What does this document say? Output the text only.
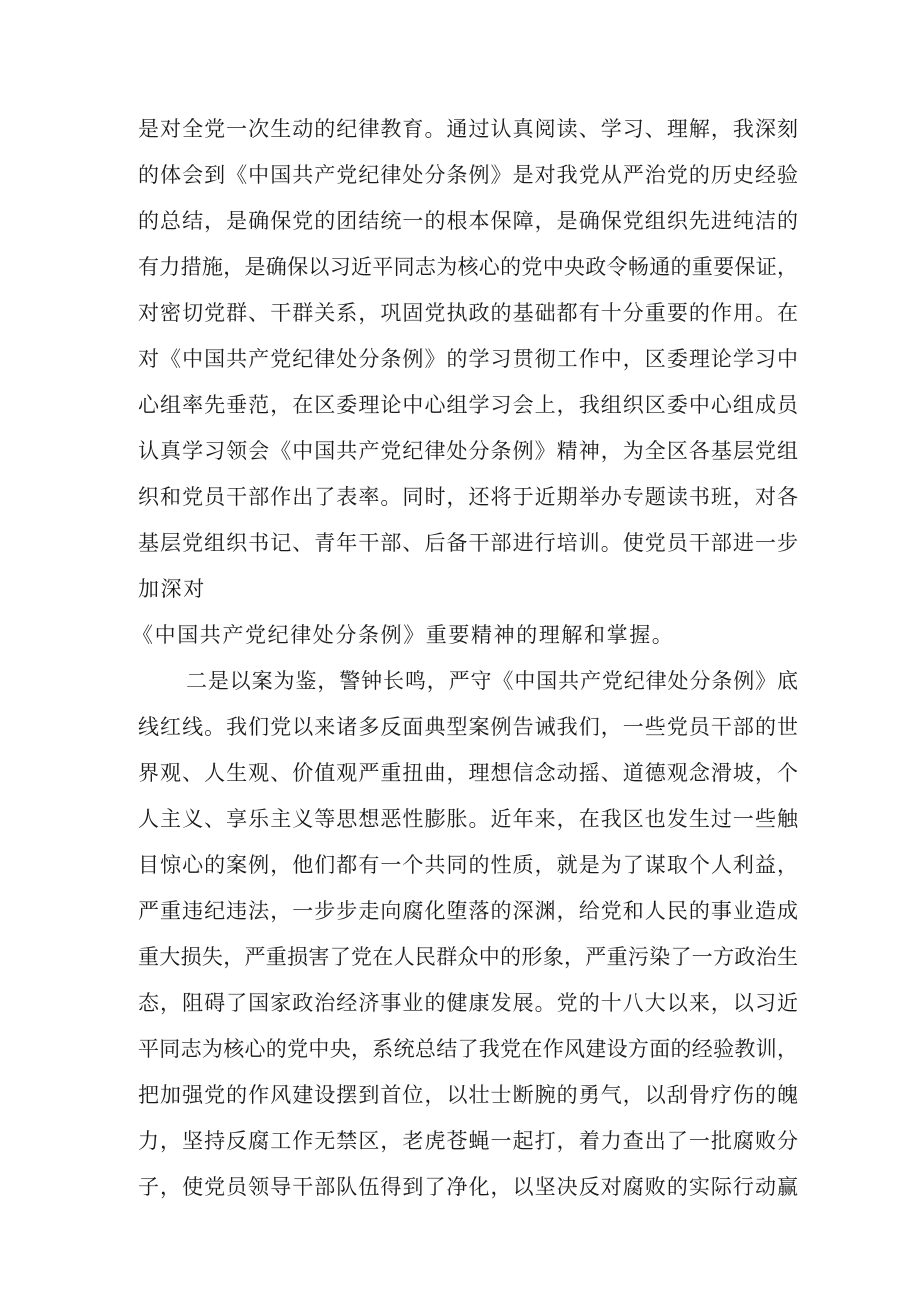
是对全党一次生动的纪律教育。通过认真阅读、学习、理解，我深刻
的体会到《中国共产党纪律处分条例》是对我党从严治党的历史经验
的总结，是确保党的团结统一的根本保障，是确保党组织先进纯洁的
有力措施，是确保以习近平同志为核心的党中央政令畅通的重要保证，
对密切党群、干群关系，巩固党执政的基础都有十分重要的作用。在
对《中国共产党纪律处分条例》的学习贯彻工作中，区委理论学习中
心组率先垂范，在区委理论中心组学习会上，我组织区委中心组成员
认真学习领会《中国共产党纪律处分条例》精神，为全区各基层党组
织和党员干部作出了表率。同时，还将于近期举办专题读书班，对各
基层党组织书记、青年干部、后备干部进行培训。使党员干部进一步
加深对
《中国共产党纪律处分条例》重要精神的理解和掌握。
二是以案为鉴，警钟长鸣，严守《中国共产党纪律处分条例》底
线红线。我们党以来诸多反面典型案例告诫我们，一些党员干部的世
界观、人生观、价值观严重扭曲，理想信念动摇、道德观念滑坡，个
人主义、享乐主义等思想恶性膨胀。近年来，在我区也发生过一些触
目惊心的案例，他们都有一个共同的性质，就是为了谋取个人利益，
严重违纪违法，一步步走向腐化堕落的深渊，给党和人民的事业造成
重大损失，严重损害了党在人民群众中的形象，严重污染了一方政治生
态，阻碍了国家政治经济事业的健康发展。党的十八大以来，以习近
平同志为核心的党中央，系统总结了我党在作风建设方面的经验教训，
把加强党的作风建设摆到首位，以壮士断腕的勇气，以刮骨疗伤的魄
力，坚持反腐工作无禁区，老虎苍蝇一起打，着力查出了一批腐败分
子，使党员领导干部队伍得到了净化，以坚决反对腐败的实际行动赢
